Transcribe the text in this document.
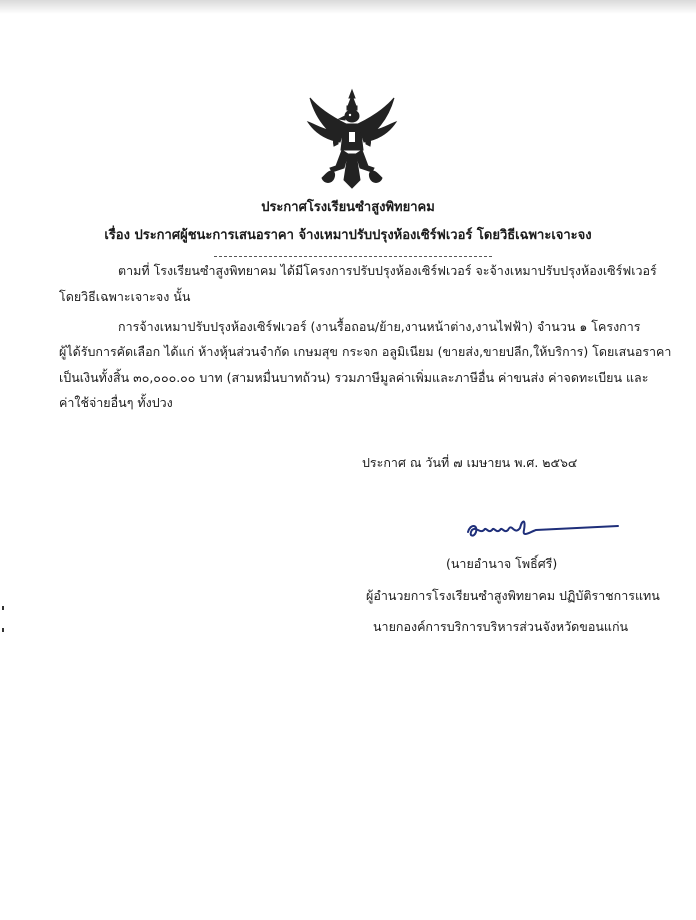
ประกาศโรงเรียนซำสูงพิทยาคม
เรื่อง ประกาศผู้ชนะการเสนอราคา จ้างเหมาปรับปรุงห้องเซิร์ฟเวอร์ โดยวิธีเฉพาะเจาะจง
ตามที่ โรงเรียนซำสูงพิทยาคม ได้มีโครงการปรับปรุงห้องเซิร์ฟเวอร์ จะจ้างเหมาปรับปรุงห้องเซิร์ฟเวอร์
โดยวิธีเฉพาะเจาะจง นั้น
การจ้างเหมาปรับปรุงห้องเซิร์ฟเวอร์ (งานรื้อถอน/ย้าย,งานหน้าต่าง,งานไฟฟ้า) จำนวน ๑ โครงการ
ผู้ได้รับการคัดเลือก ได้แก่ ห้างหุ้นส่วนจำกัด เกษมสุข กระจก อลูมิเนียม (ขายส่ง,ขายปลีก,ให้บริการ) โดยเสนอราคา
เป็นเงินทั้งสิ้น ๓๐,๐๐๐.๐๐ บาท (สามหมื่นบาทถ้วน) รวมภาษีมูลค่าเพิ่มและภาษีอื่น ค่าขนส่ง ค่าจดทะเบียน และ
ค่าใช้จ่ายอื่นๆ ทั้งปวง
ประกาศ ณ วันที่ ๗ เมษายน พ.ศ. ๒๕๖๔
(นายอำนาจ โพธิ์ศรี)
ผู้อำนวยการโรงเรียนซำสูงพิทยาคม ปฏิบัติราชการแทน
นายกองค์การบริการบริหารส่วนจังหวัดขอนแก่น
